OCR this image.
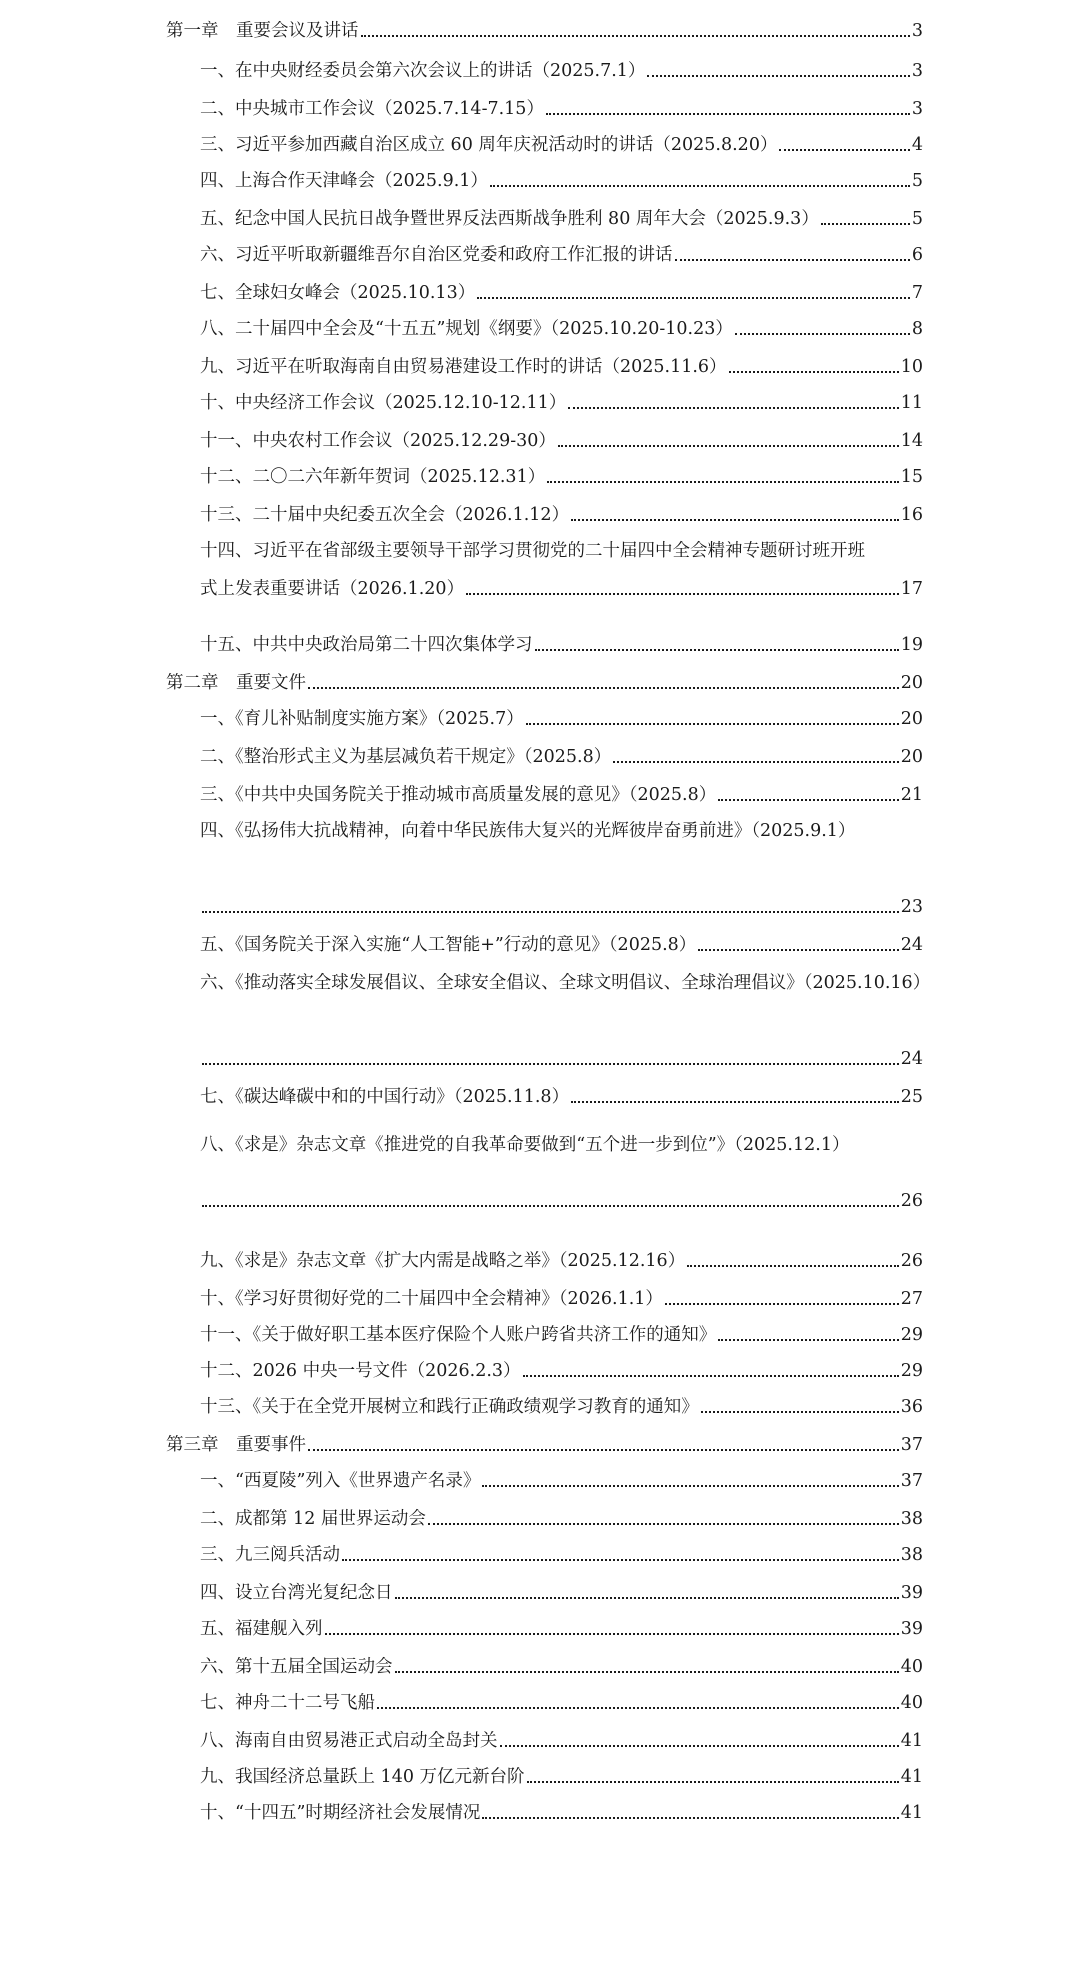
第一章　重要会议及讲话	3
一、在中央财经委员会第六次会议上的讲话（2025.7.1）	3
二、中央城市工作会议（2025.7.14-7.15）	3
三、习近平参加西藏自治区成立 60 周年庆祝活动时的讲话（2025.8.20）	4
四、上海合作天津峰会（2025.9.1）	5
五、纪念中国人民抗日战争暨世界反法西斯战争胜利 80 周年大会（2025.9.3）	5
六、习近平听取新疆维吾尔自治区党委和政府工作汇报的讲话	6
七、全球妇女峰会（2025.10.13）	7
八、二十届四中全会及“十五五”规划《纲要》（2025.10.20-10.23）	8
九、习近平在听取海南自由贸易港建设工作时的讲话（2025.11.6）	10
十、中央经济工作会议（2025.12.10-12.11）	11
十一、中央农村工作会议（2025.12.29-30）	14
十二、二〇二六年新年贺词（2025.12.31）	15
十三、二十届中央纪委五次全会（2026.1.12）	16
十四、习近平在省部级主要领导干部学习贯彻党的二十届四中全会精神专题研讨班开班
式上发表重要讲话（2026.1.20）	17
十五、中共中央政治局第二十四次集体学习	19
第二章　重要文件	20
一、《育儿补贴制度实施方案》（2025.7）	20
二、《整治形式主义为基层减负若干规定》（2025.8）	20
三、《中共中央国务院关于推动城市高质量发展的意见》（2025.8）	21
四、《弘扬伟大抗战精神，向着中华民族伟大复兴的光辉彼岸奋勇前进》（2025.9.1）
23
五、《国务院关于深入实施“人工智能+”行动的意见》（2025.8）	24
六、《推动落实全球发展倡议、全球安全倡议、全球文明倡议、全球治理倡议》（2025.10.16）
24
七、《碳达峰碳中和的中国行动》（2025.11.8）	25
八、《求是》杂志文章《推进党的自我革命要做到“五个进一步到位”》（2025.12.1）
26
九、《求是》杂志文章《扩大内需是战略之举》（2025.12.16）	26
十、《学习好贯彻好党的二十届四中全会精神》（2026.1.1）	27
十一、《关于做好职工基本医疗保险个人账户跨省共济工作的通知》	29
十二、2026 中央一号文件（2026.2.3）	29
十三、《关于在全党开展树立和践行正确政绩观学习教育的通知》	36
第三章　重要事件	37
一、“西夏陵”列入《世界遗产名录》	37
二、成都第 12 届世界运动会	38
三、九三阅兵活动	38
四、设立台湾光复纪念日	39
五、福建舰入列	39
六、第十五届全国运动会	40
七、神舟二十二号飞船	40
八、海南自由贸易港正式启动全岛封关	41
九、我国经济总量跃上 140 万亿元新台阶	41
十、“十四五”时期经济社会发展情况	41
